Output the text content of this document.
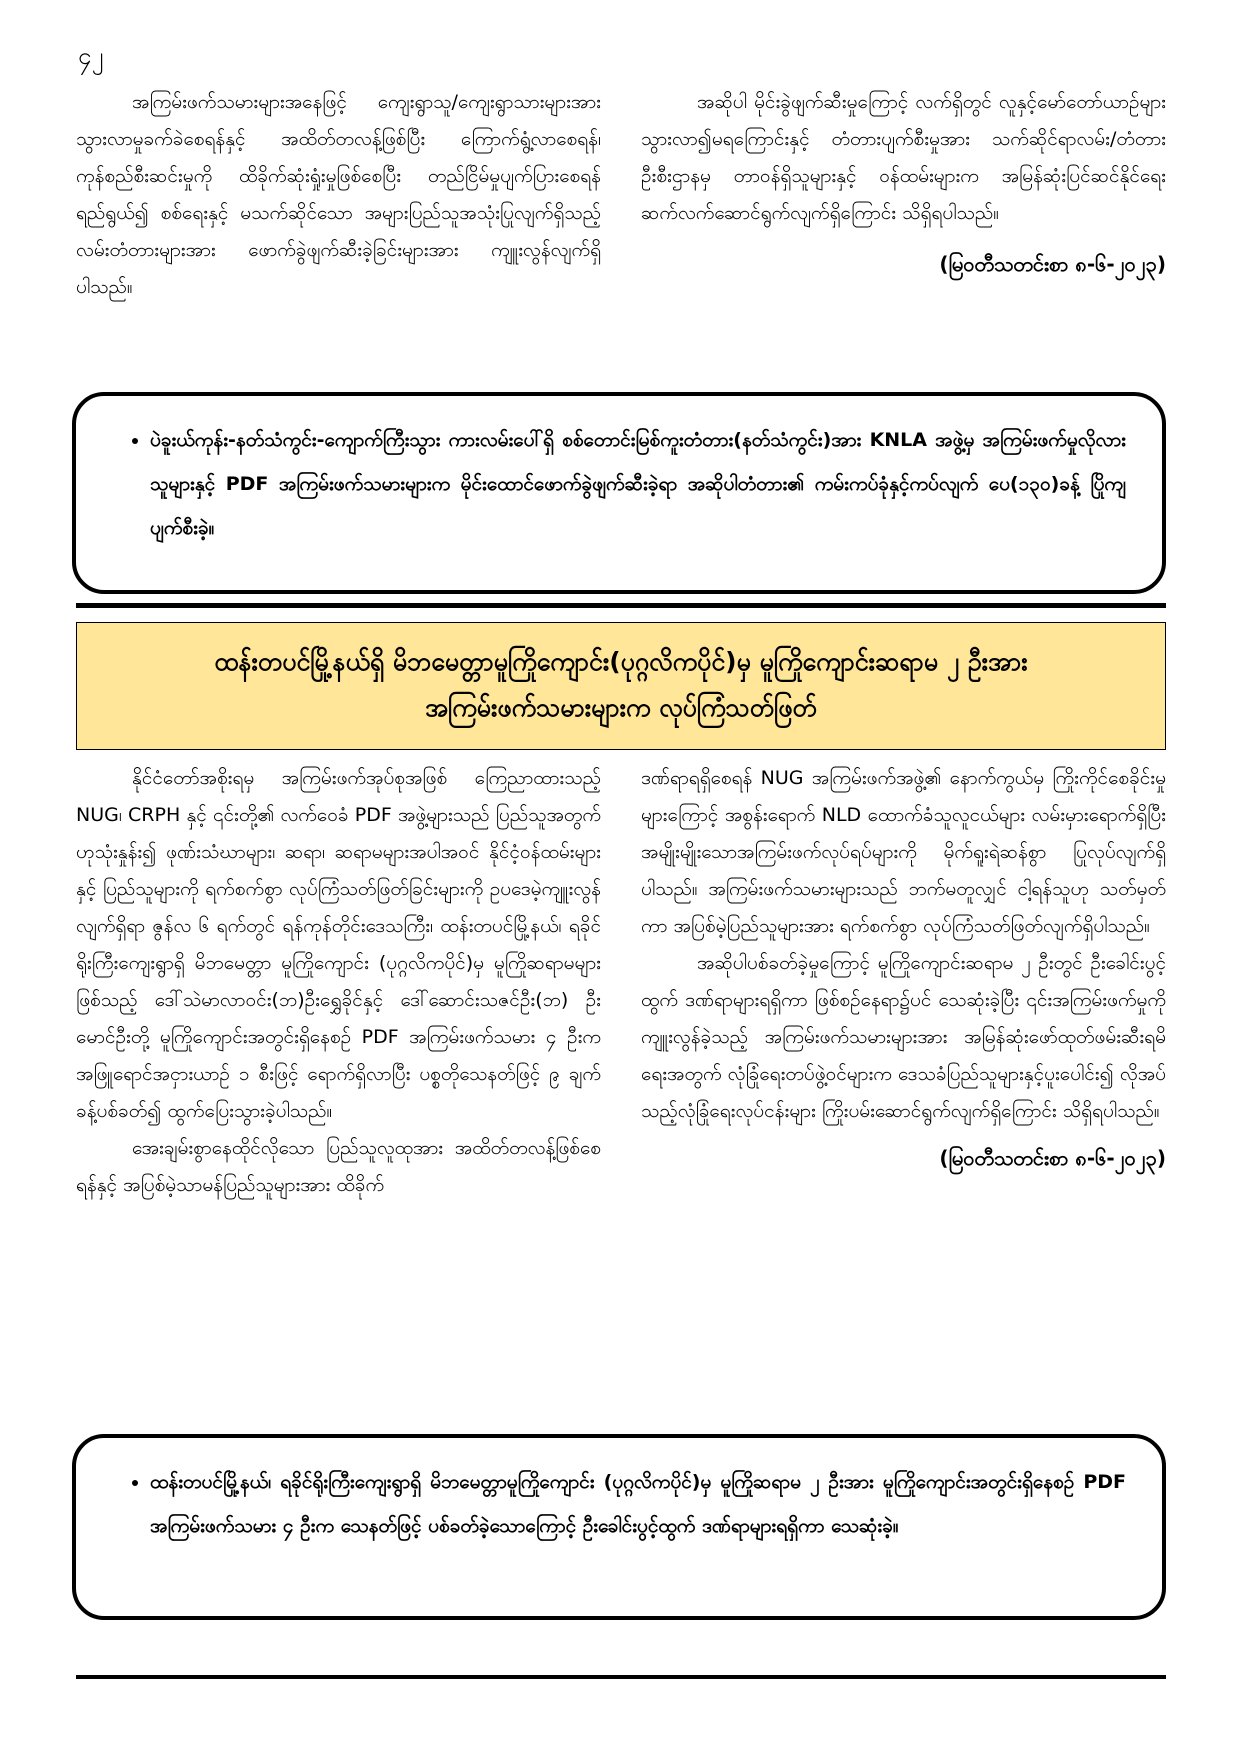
၄၂

အကြမ်းဖက်သမားများအနေဖြင့် ကျေးရွာသူ/ကျေးရွာသားများအား သွားလာမှုခက်ခဲစေရန်နှင့် အထိတ်တလန့်ဖြစ်ပြီး ကြောက်ရွံ့လာစေရန်၊ ကုန်စည်စီးဆင်းမှုကို ထိခိုက်ဆုံးရှုံးမှုဖြစ်စေပြီး တည်ငြိမ်မှုပျက်ပြားစေရန်ရည်ရွယ်၍ စစ်ရေးနှင့် မသက်ဆိုင်သော အများပြည်သူအသုံးပြုလျက်ရှိသည့် လမ်းတံတားများအား ဖောက်ခွဲဖျက်ဆီးခဲ့ခြင်းများအား ကျူးလွန်လျက်ရှိပါသည်။

အဆိုပါ မိုင်းခွဲဖျက်ဆီးမှုကြောင့် လက်ရှိတွင် လူနှင့်မော်တော်ယာဉ်များ သွားလာ၍မရကြောင်းနှင့် တံတားပျက်စီးမှုအား သက်ဆိုင်ရာလမ်း/တံတားဦးစီးဌာနမှ တာဝန်ရှိသူများနှင့် ဝန်ထမ်းများက အမြန်ဆုံးပြင်ဆင်နိုင်ရေး ဆက်လက်ဆောင်ရွက်လျက်ရှိကြောင်း သိရှိရပါသည်။

(မြဝတီသတင်းစာ ၈-၆-၂၀၂၃)
• ပဲခူးယ်ကုန်း-နတ်သံကွင်း-ကျောက်ကြီးသွား ကားလမ်းပေါ်ရှိ စစ်တောင်းမြစ်ကူးတံတား(နတ်သံကွင်း)အား KNLA အဖွဲ့မှ အကြမ်းဖက်မှုလိုလားသူများနှင့် PDF အကြမ်းဖက်သမားများက မိုင်းထောင်ဖောက်ခွဲဖျက်ဆီးခဲ့ရာ အဆိုပါတံတား၏ ကမ်းကပ်ခုံနှင့်ကပ်လျက် ပေ(၁၃၀)ခန့် ပြိုကျပျက်စီးခဲ့။
ထန်းတပင်မြို့နယ်ရှိ မိဘမေတ္တာမူကြိုကျောင်း(ပုဂ္ဂလိကပိုင်)မှ မူကြိုကျောင်းဆရာမ ၂ ဦးအား
အကြမ်းဖက်သမားများက လုပ်ကြံသတ်ဖြတ်

နိုင်ငံတော်အစိုးရမှ အကြမ်းဖက်အုပ်စုအဖြစ် ကြေညာထားသည့် NUG၊ CRPH နှင့် ၎င်းတို့၏ လက်ဝေခံ PDF အဖွဲ့များသည် ပြည်သူအတွက်ဟုသုံးနှုန်း၍ ဖုဏ်းသံဃာများ၊ ဆရာ၊ ဆရာမများအပါအဝင် နိုင်ငံ့ဝန်ထမ်းများနှင့် ပြည်သူများကို ရက်စက်စွာ လုပ်ကြံသတ်ဖြတ်ခြင်းများကို ဥပဒေမဲ့ကျူးလွန်လျက်ရှိရာ ဇွန်လ ၆ ရက်တွင် ရန်ကုန်တိုင်းဒေသကြီး၊ ထန်းတပင်မြို့နယ်၊ ရခိုင်ရိုးကြီးကျေးရွာရှိ မိဘမေတ္တာ မူကြိုကျောင်း (ပုဂ္ဂလိကပိုင်)မှ မူကြိုဆရာမများဖြစ်သည့် ဒေါ်သဲမာလာဝင်း(ဘ)ဦးရွှေခိုင်နှင့် ဒေါ်ဆောင်းသဇင်ဦး(ဘ) ဦးမောင်ဦးတို့ မူကြိုကျောင်းအတွင်းရှိနေစဉ် PDF အကြမ်းဖက်သမား ၄ ဦးက အဖြူရောင်အငှားယာဉ် ၁ စီးဖြင့် ရောက်ရှိလာပြီး ပစ္စတိုသေနတ်ဖြင့် ၉ ချက်ခန့်ပစ်ခတ်၍ ထွက်ပြေးသွားခဲ့ပါသည်။

အေးချမ်းစွာနေထိုင်လိုသော ပြည်သူလူထုအား အထိတ်တလန့်ဖြစ်စေရန်နှင့် အပြစ်မဲ့သာမန်ပြည်သူများအား ထိခိုက်

ဒဏ်ရာရရှိစေရန် NUG အကြမ်းဖက်အဖွဲ့၏ နောက်ကွယ်မှ ကြိုးကိုင်စေခိုင်းမှုများကြောင့် အစွန်းရောက် NLD ထောက်ခံသူလူငယ်များ လမ်းမှားရောက်ရှိပြီး အမျိုးမျိုးသောအကြမ်းဖက်လုပ်ရပ်များကို မိုက်ရူးရဲဆန်စွာ ပြုလုပ်လျက်ရှိပါသည်။ အကြမ်းဖက်သမားများသည် ဘက်မတူလျှင် ငါ့ရန်သူဟု သတ်မှတ်ကာ အပြစ်မဲ့ပြည်သူများအား ရက်စက်စွာ လုပ်ကြံသတ်ဖြတ်လျက်ရှိပါသည်။

အဆိုပါပစ်ခတ်ခဲ့မှုကြောင့် မူကြိုကျောင်းဆရာမ ၂ ဦးတွင် ဦးခေါင်းပွင့်ထွက် ဒဏ်ရာများရရှိကာ ဖြစ်စဉ်နေရာ၌ပင် သေဆုံးခဲ့ပြီး ၎င်းအကြမ်းဖက်မှုကို ကျူးလွန်ခဲ့သည့် အကြမ်းဖက်သမားများအား အမြန်ဆုံးဖော်ထုတ်ဖမ်းဆီးရမိရေးအတွက် လုံခြုံရေးတပ်ဖွဲ့ဝင်များက ဒေသခံပြည်သူများနှင့်ပူးပေါင်း၍ လိုအပ်သည့်လုံခြုံရေးလုပ်ငန်းများ ကြိုးပမ်းဆောင်ရွက်လျက်ရှိကြောင်း သိရှိရပါသည်။

(မြဝတီသတင်းစာ ၈-၆-၂၀၂၃)
• ထန်းတပင်မြို့နယ်၊ ရခိုင်ရိုးကြီးကျေးရွာရှိ မိဘမေတ္တာမူကြိုကျောင်း (ပုဂ္ဂလိကပိုင်)မှ မူကြိုဆရာမ ၂ ဦးအား မူကြိုကျောင်းအတွင်းရှိနေစဉ် PDF အကြမ်းဖက်သမား ၄ ဦးက သေနတ်ဖြင့် ပစ်ခတ်ခဲ့သောကြောင့် ဦးခေါင်းပွင့်ထွက် ဒဏ်ရာများရရှိကာ သေဆုံးခဲ့။
